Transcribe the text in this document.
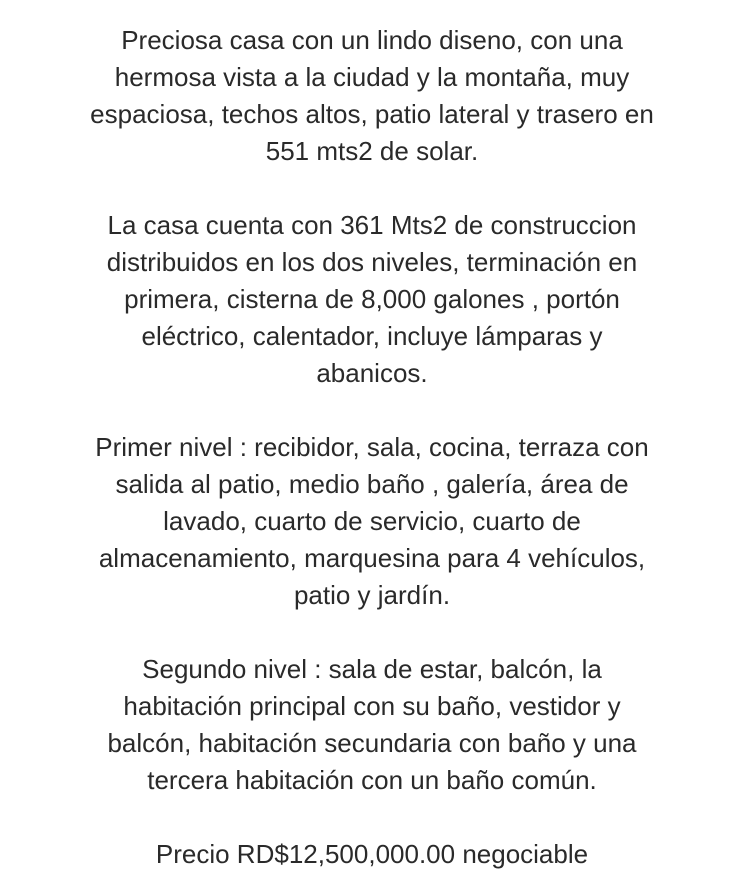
Preciosa casa con un lindo diseno, con una
hermosa vista a la ciudad y la montaña, muy
espaciosa, techos altos, patio lateral y trasero en
551 mts2 de solar.

La casa cuenta con 361 Mts2 de construccion
distribuidos en los dos niveles, terminación en
primera, cisterna de 8,000 galones , portón
eléctrico, calentador, incluye lámparas y
abanicos.

Primer nivel : recibidor, sala, cocina, terraza con
salida al patio, medio baño , galería, área de
lavado, cuarto de servicio, cuarto de
almacenamiento, marquesina para 4 vehículos,
patio y jardín.

Segundo nivel : sala de estar, balcón, la
habitación principal con su baño, vestidor y
balcón, habitación secundaria con baño y una
tercera habitación con un baño común.

Precio RD$12,500,000.00 negociable
